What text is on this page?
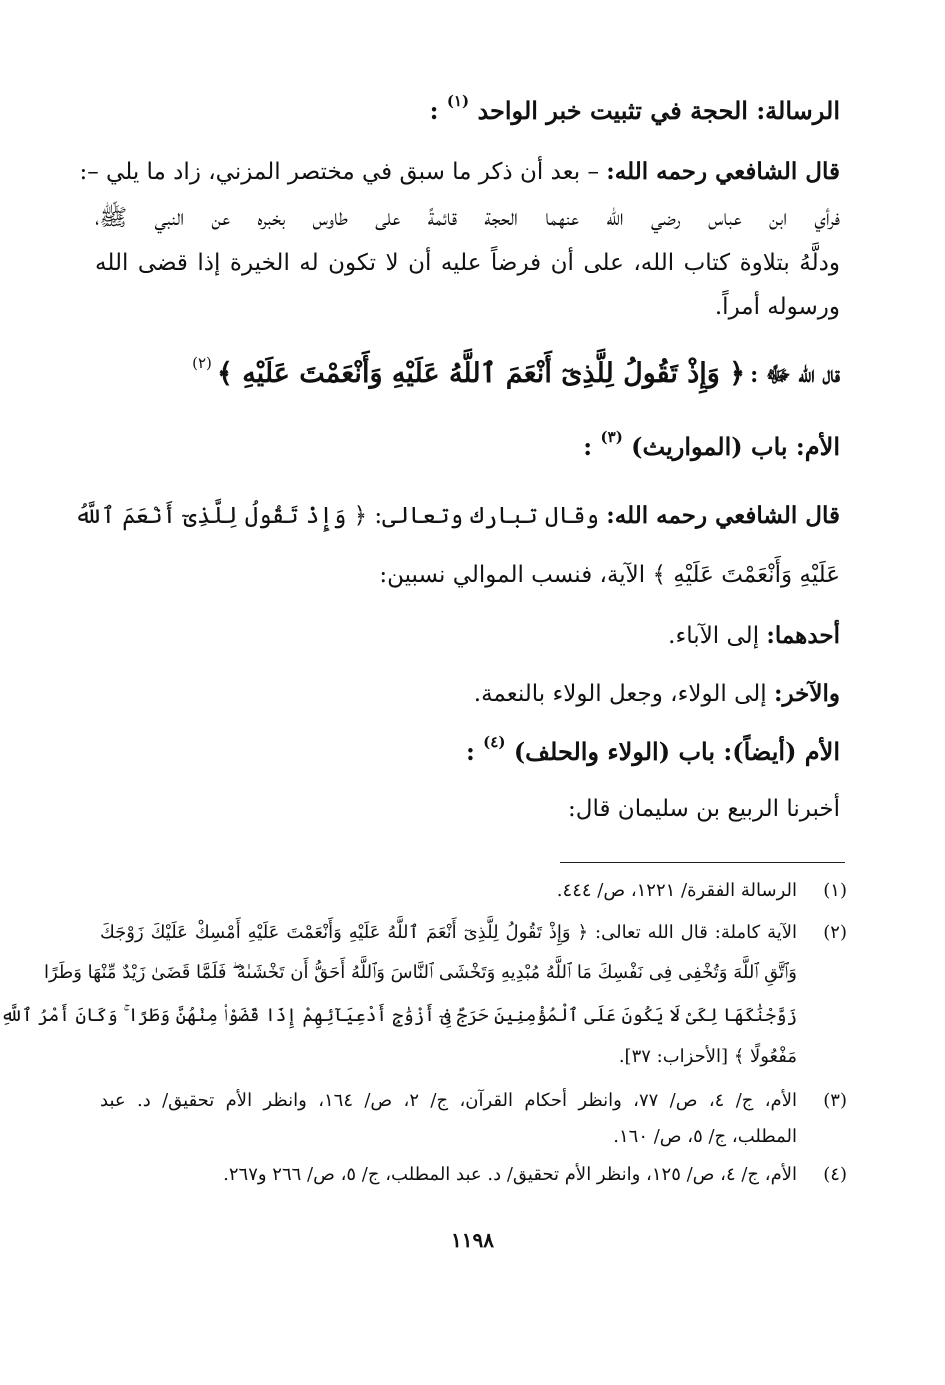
الرسالة: الحجة في تثبيت خبر الواحد $^{(١)}$ :
قال الشافعي رحمه الله: – بعد أن ذكر ما سبق في مختصر المزني، زاد ما يلي –:
فرأي ابن عباس رضي الله عنهما الحجة قائمةً على طاوس بخبره عن النبي ﷺ،
ودلَّهُ بتلاوة كتاب الله، على أن فرضاً عليه أن لا تكون له الخيرة إذا قضى الله
ورسوله أمراً.
قال الله ﷻ : ﴿ وَإِذْ تَقُولُ لِلَّذِىٓ أَنْعَمَ ٱللَّهُ عَلَيْهِ وَأَنْعَمْتَ عَلَيْهِ ﴾ $^{(٢)}$
الأم: باب (المواريث) $^{(٣)}$ :
قال الشافعي رحمه الله: وقال تبارك وتعالى: ﴿ وَإِذْ تَقُولُ لِلَّذِىٓ أَنْعَمَ ٱللَّهُ
عَلَيْهِ وَأَنْعَمْتَ عَلَيْهِ ﴾ الآية، فنسب الموالي نسبين:
أحدهما: إلى الآباء.
والآخر: إلى الولاء، وجعل الولاء بالنعمة.
الأم (أيضاً): باب (الولاء والحلف) $^{(٤)}$ :
أخبرنا الربيع بن سليمان قال:
(١)
الرسالة الفقرة/ ١٢٢١، ص/ ٤٤٤.
(٢)
الآية كاملة: قال الله تعالى: ﴿ وَإِذْ تَقُولُ لِلَّذِىٓ أَنْعَمَ ٱللَّهُ عَلَيْهِ وَأَنْعَمْتَ عَلَيْهِ أَمْسِكْ عَلَيْكَ زَوْجَكَ
وَٱتَّقِ ٱللَّهَ وَتُخْفِى فِى نَفْسِكَ مَا ٱللَّهُ مُبْدِيهِ وَتَخْشَى ٱلنَّاسَ وَٱللَّهُ أَحَقُّ أَن تَخْشَىٰهُ ۖ فَلَمَّا قَضَىٰ زَيْدٌ مِّنْهَا وَطَرًا
زَوَّجْنَٰكَهَا لِكَىْ لَا يَكُونَ عَلَى ٱلْمُؤْمِنِينَ حَرَجٌ فِىٓ أَزْوَٰجِ أَدْعِيَآئِهِمْ إِذَا قَضَوْا۟ مِنْهُنَّ وَطَرًا ۚ وَكَانَ أَمْرُ ٱللَّهِ
مَفْعُولًا ﴾ [الأحزاب: ٣٧].
(٣)
الأم، ج/ ٤، ص/ ٧٧، وانظر أحكام القرآن، ج/ ٢، ص/ ١٦٤، وانظر الأم تحقيق/ د. عبد
المطلب، ج/ ٥، ص/ ١٦٠.
(٤)
الأم، ج/ ٤، ص/ ١٢٥، وانظر الأم تحقيق/ د. عبد المطلب، ج/ ٥، ص/ ٢٦٦ و٢٦٧.
١١٩٨
